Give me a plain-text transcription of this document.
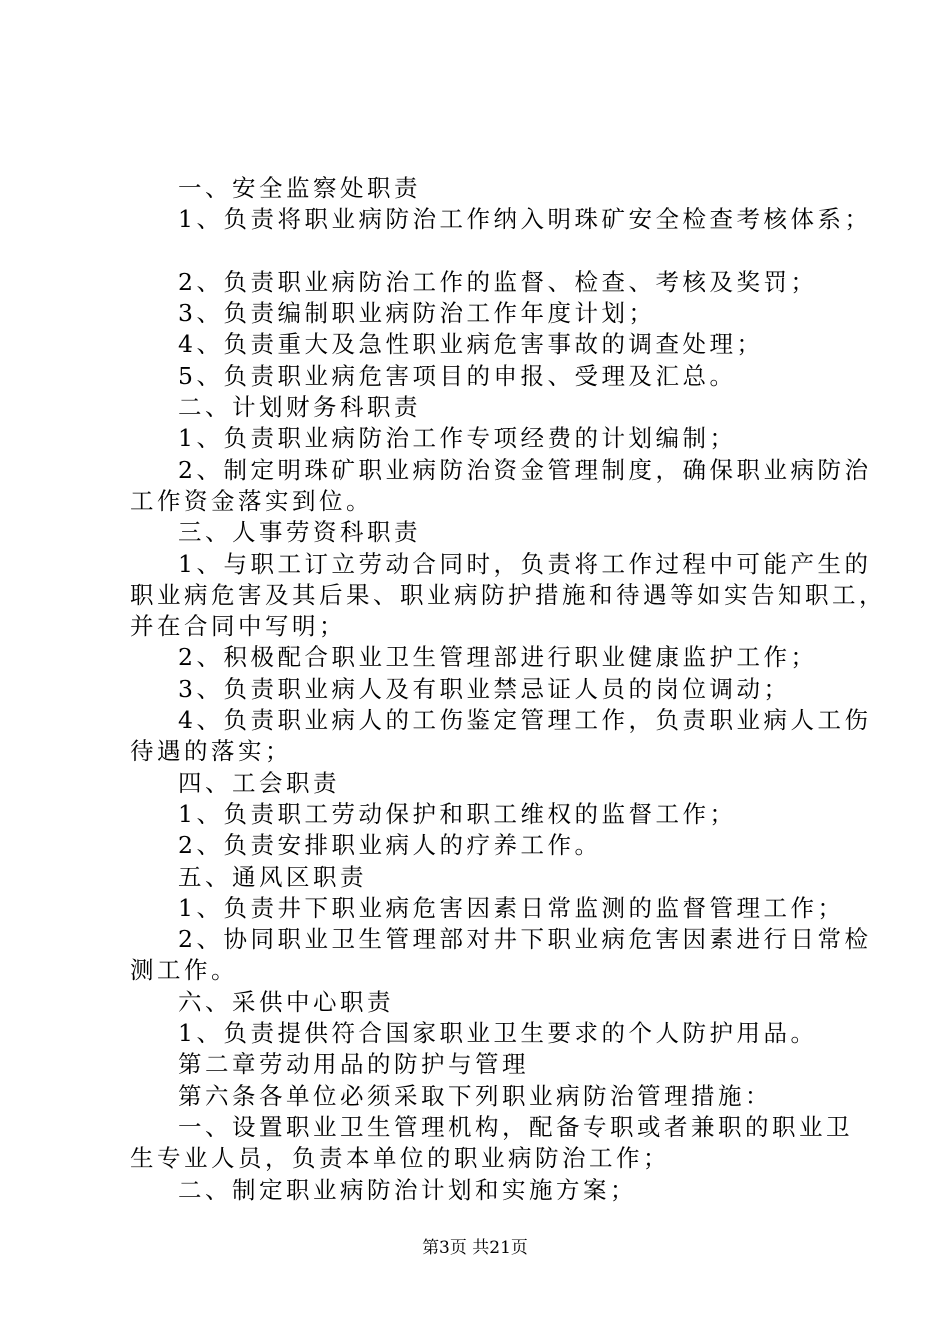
一、安全监察处职责
1、负责将职业病防治工作纳入明珠矿安全检查考核体系；
2、负责职业病防治工作的监督、检查、考核及奖罚；
3、负责编制职业病防治工作年度计划；
4、负责重大及急性职业病危害事故的调查处理；
5、负责职业病危害项目的申报、受理及汇总。
二、计划财务科职责
1、负责职业病防治工作专项经费的计划编制；
2、制定明珠矿职业病防治资金管理制度，确保职业病防治
工作资金落实到位。
三、人事劳资科职责
1、与职工订立劳动合同时，负责将工作过程中可能产生的
职业病危害及其后果、职业病防护措施和待遇等如实告知职工，
并在合同中写明；
2、积极配合职业卫生管理部进行职业健康监护工作；
3、负责职业病人及有职业禁忌证人员的岗位调动；
4、负责职业病人的工伤鉴定管理工作，负责职业病人工伤
待遇的落实；
四、工会职责
1、负责职工劳动保护和职工维权的监督工作；
2、负责安排职业病人的疗养工作。
五、通风区职责
1、负责井下职业病危害因素日常监测的监督管理工作；
2、协同职业卫生管理部对井下职业病危害因素进行日常检
测工作。
六、采供中心职责
1、负责提供符合国家职业卫生要求的个人防护用品。
第二章劳动用品的防护与管理
第六条各单位必须采取下列职业病防治管理措施：
一、设置职业卫生管理机构，配备专职或者兼职的职业卫
生专业人员，负责本单位的职业病防治工作；
二、制定职业病防治计划和实施方案；
第3页 共21页
